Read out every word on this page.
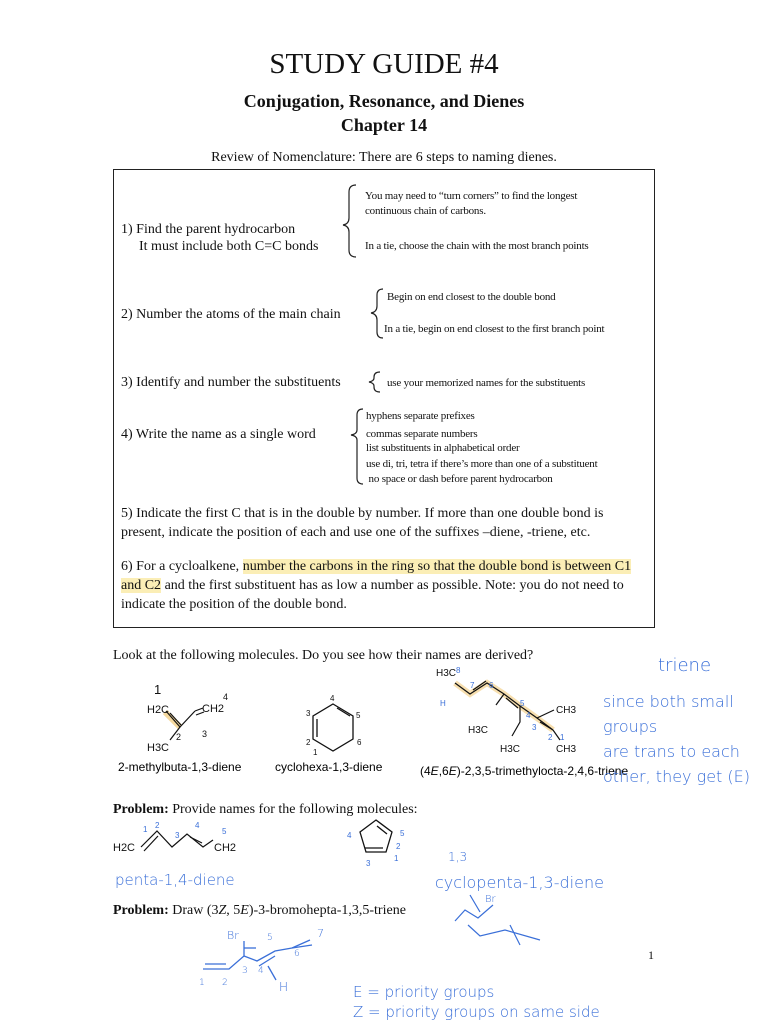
STUDY GUIDE #4
Conjugation, Resonance, and Dienes
Chapter 14
Review of Nomenclature: There are 6 steps to naming dienes.
1) Find the parent hydrocarbon
It must include both C=C bonds
You may need to “turn corners” to find the longest
continuous chain of carbons.
In a tie, choose the chain with the most branch points
2) Number the atoms of the main chain
Begin on end closest to the double bond
In a tie, begin on end closest to the first branch point
3) Identify and number the substituents	use your memorized names for the substituents
4) Write the name as a single word
hyphens separate prefixes
commas separate numbers
list substituents in alphabetical order
use di, tri, tetra if there’s more than one of a substituent
no space or dash before parent hydrocarbon
5) Indicate the first C that is in the double by number. If more than one double bond is present, indicate the position of each and use one of the suffixes –diene, -triene, etc.
6) For a cycloalkene, number the carbons in the ring so that the double bond is between C1 and C2 and the first substituent has as low a number as possible. Note: you do not need to indicate the position of the double bond.
Look at the following molecules. Do you see how their names are derived?
H2C	CH2
H3C
1
2 3
4
2-methylbuta-1,3-diene
1
2
3
4
5
6
cyclohexa-1,3-diene
H3C
H3C
H3C
CH3
CH3
8
7 6
5
4
3
2 1
H
(4E,6E)-2,3,5-trimethylocta-2,4,6-triene
H2C	CH2
1 2
3
4
5
1
2
3
4	5
triene
since both small groups
are trans to each
other, they get (E)
Problem: Provide names for the following molecules:
penta-1,4-diene
1,3
cyclopenta-1,3-diene
Problem: Draw (3Z, 5E)-3-bromohepta-1,3,5-triene
Br
Br
1 2
3 4
5
6
7
H	E = priority groups
Z = priority groups on same side
1
